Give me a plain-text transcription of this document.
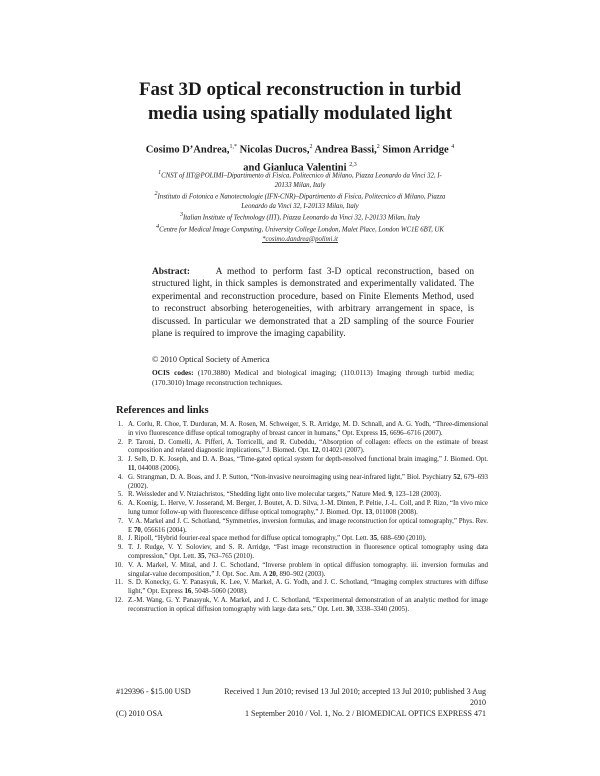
Fast 3D optical reconstruction in turbid
media using spatially modulated light
Cosimo D’Andrea,$^{1,*}$ Nicolas Ducros,$^2$ Andrea Bassi,$^2$ Simon Arridge $^4$
and Gianluca Valentini $^{2,3}$

$^1$CNST of IIT@POLIMI–Dipartimento di Fisica, Politecnico di Milano, Piazza Leonardo da Vinci 32, I-20133 Milan, Italy

$^2$Instituto di Fotonica e Nanotecnologie (IFN-CNR)–Dipartimento di Fisica, Politecnico di Milano, Piazza Leonardo da Vinci 32, I-20133 Milan, Italy

$^3$Italian Institute of Technology (IIT), Piazza Leonardo da Vinci 32, I-20133 Milan, Italy

$^4$Centre for Medical Image Computing, University College London, Malet Place, London WC1E 6BT, UK

*cosimo.dandrea@polimi.it

Abstract:	A method to perform fast 3-D optical reconstruction, based on structured light, in thick samples is demonstrated and experimentally validated. The experimental and reconstruction procedure, based on Finite Elements Method, used to reconstruct absorbing heterogeneities, with arbitrary arrangement in space, is discussed. In particular we demonstrated that a 2D sampling of the source Fourier plane is required to improve the imaging capability.
© 2010 Optical Society of America
OCIS codes: (170.3880) Medical and biological imaging; (110.0113) Imaging through turbid media; (170.3010) Image reconstruction techniques.
References and links
1. A. Corlu, R. Choe, T. Durduran, M. A. Rosen, M. Schweiger, S. R. Arridge, M. D. Schnall, and A. G. Yodh, “Three-dimensional in vivo fluorescence diffuse optical tomography of breast cancer in humans,” Opt. Express 15, 6696–6716 (2007).
2. P. Taroni, D. Comelli, A. Pifferi, A. Torricelli, and R. Cubeddu, “Absorption of collagen: effects on the estimate of breast composition and related diagnostic implications,” J. Biomed. Opt. 12, 014021 (2007).
3. J. Selb, D. K. Joseph, and D. A. Boas, “Time-gated optical system for depth-resolved functional brain imaging,” J. Biomed. Opt. 11, 044008 (2006).
4. G. Strangman, D. A. Boas, and J. P. Sutton, “Non-invasive neuroimaging using near-infrared light,” Biol. Psychiatry 52, 679–693 (2002).
5. R. Weissleder and V. Ntziachristos, “Shedding light onto live molecular targets,” Nature Med. 9, 123–128 (2003).
6. A. Koenig, L. Herve, V. Josserand, M. Berger, J. Boutet, A. D. Silva, J.-M. Dinten, P. Peltie, J.-L. Coll, and P. Rizo, “In vivo mice lung tumor follow-up with fluorescence diffuse optical tomography,” J. Biomed. Opt. 13, 011008 (2008).
7. V. A. Markel and J. C. Schotland, “Symmetries, inversion formulas, and image reconstruction for optical tomography,” Phys. Rev. E 70, 056616 (2004).
8. J. Ripoll, “Hybrid fourier-real space method for diffuse optical tomography,” Opt. Lett. 35, 688–690 (2010).
9. T. J. Rudge, V. Y. Soloviev, and S. R. Arridge, “Fast image reconstruction in fluoresence optical tomography using data compression,” Opt. Lett. 35, 763–765 (2010).
10. V. A. Markel, V. Mital, and J. C. Schotland, “Inverse problem in optical diffusion tomography. iii. inversion formulas and singular-value decomposition,” J. Opt. Soc. Am. A 20, 890–902 (2003).
11. S. D. Konecky, G. Y. Panasyuk, K. Lee, V. Markel, A. G. Yodh, and J. C. Schotland, “Imaging complex structures with diffuse light,” Opt. Express 16, 5048–5060 (2008).
12. Z.-M. Wang, G. Y. Panasyuk, V. A. Markel, and J. C. Schotland, “Experimental demonstration of an analytic method for image reconstruction in optical diffusion tomography with large data sets,” Opt. Lett. 30, 3338–3340 (2005).
#129396 - $15.00 USD	Received 1 Jun 2010; revised 13 Jul 2010; accepted 13 Jul 2010; published 3 Aug 2010
(C) 2010 OSA	1 September 2010 / Vol. 1, No. 2 / BIOMEDICAL OPTICS EXPRESS 471
